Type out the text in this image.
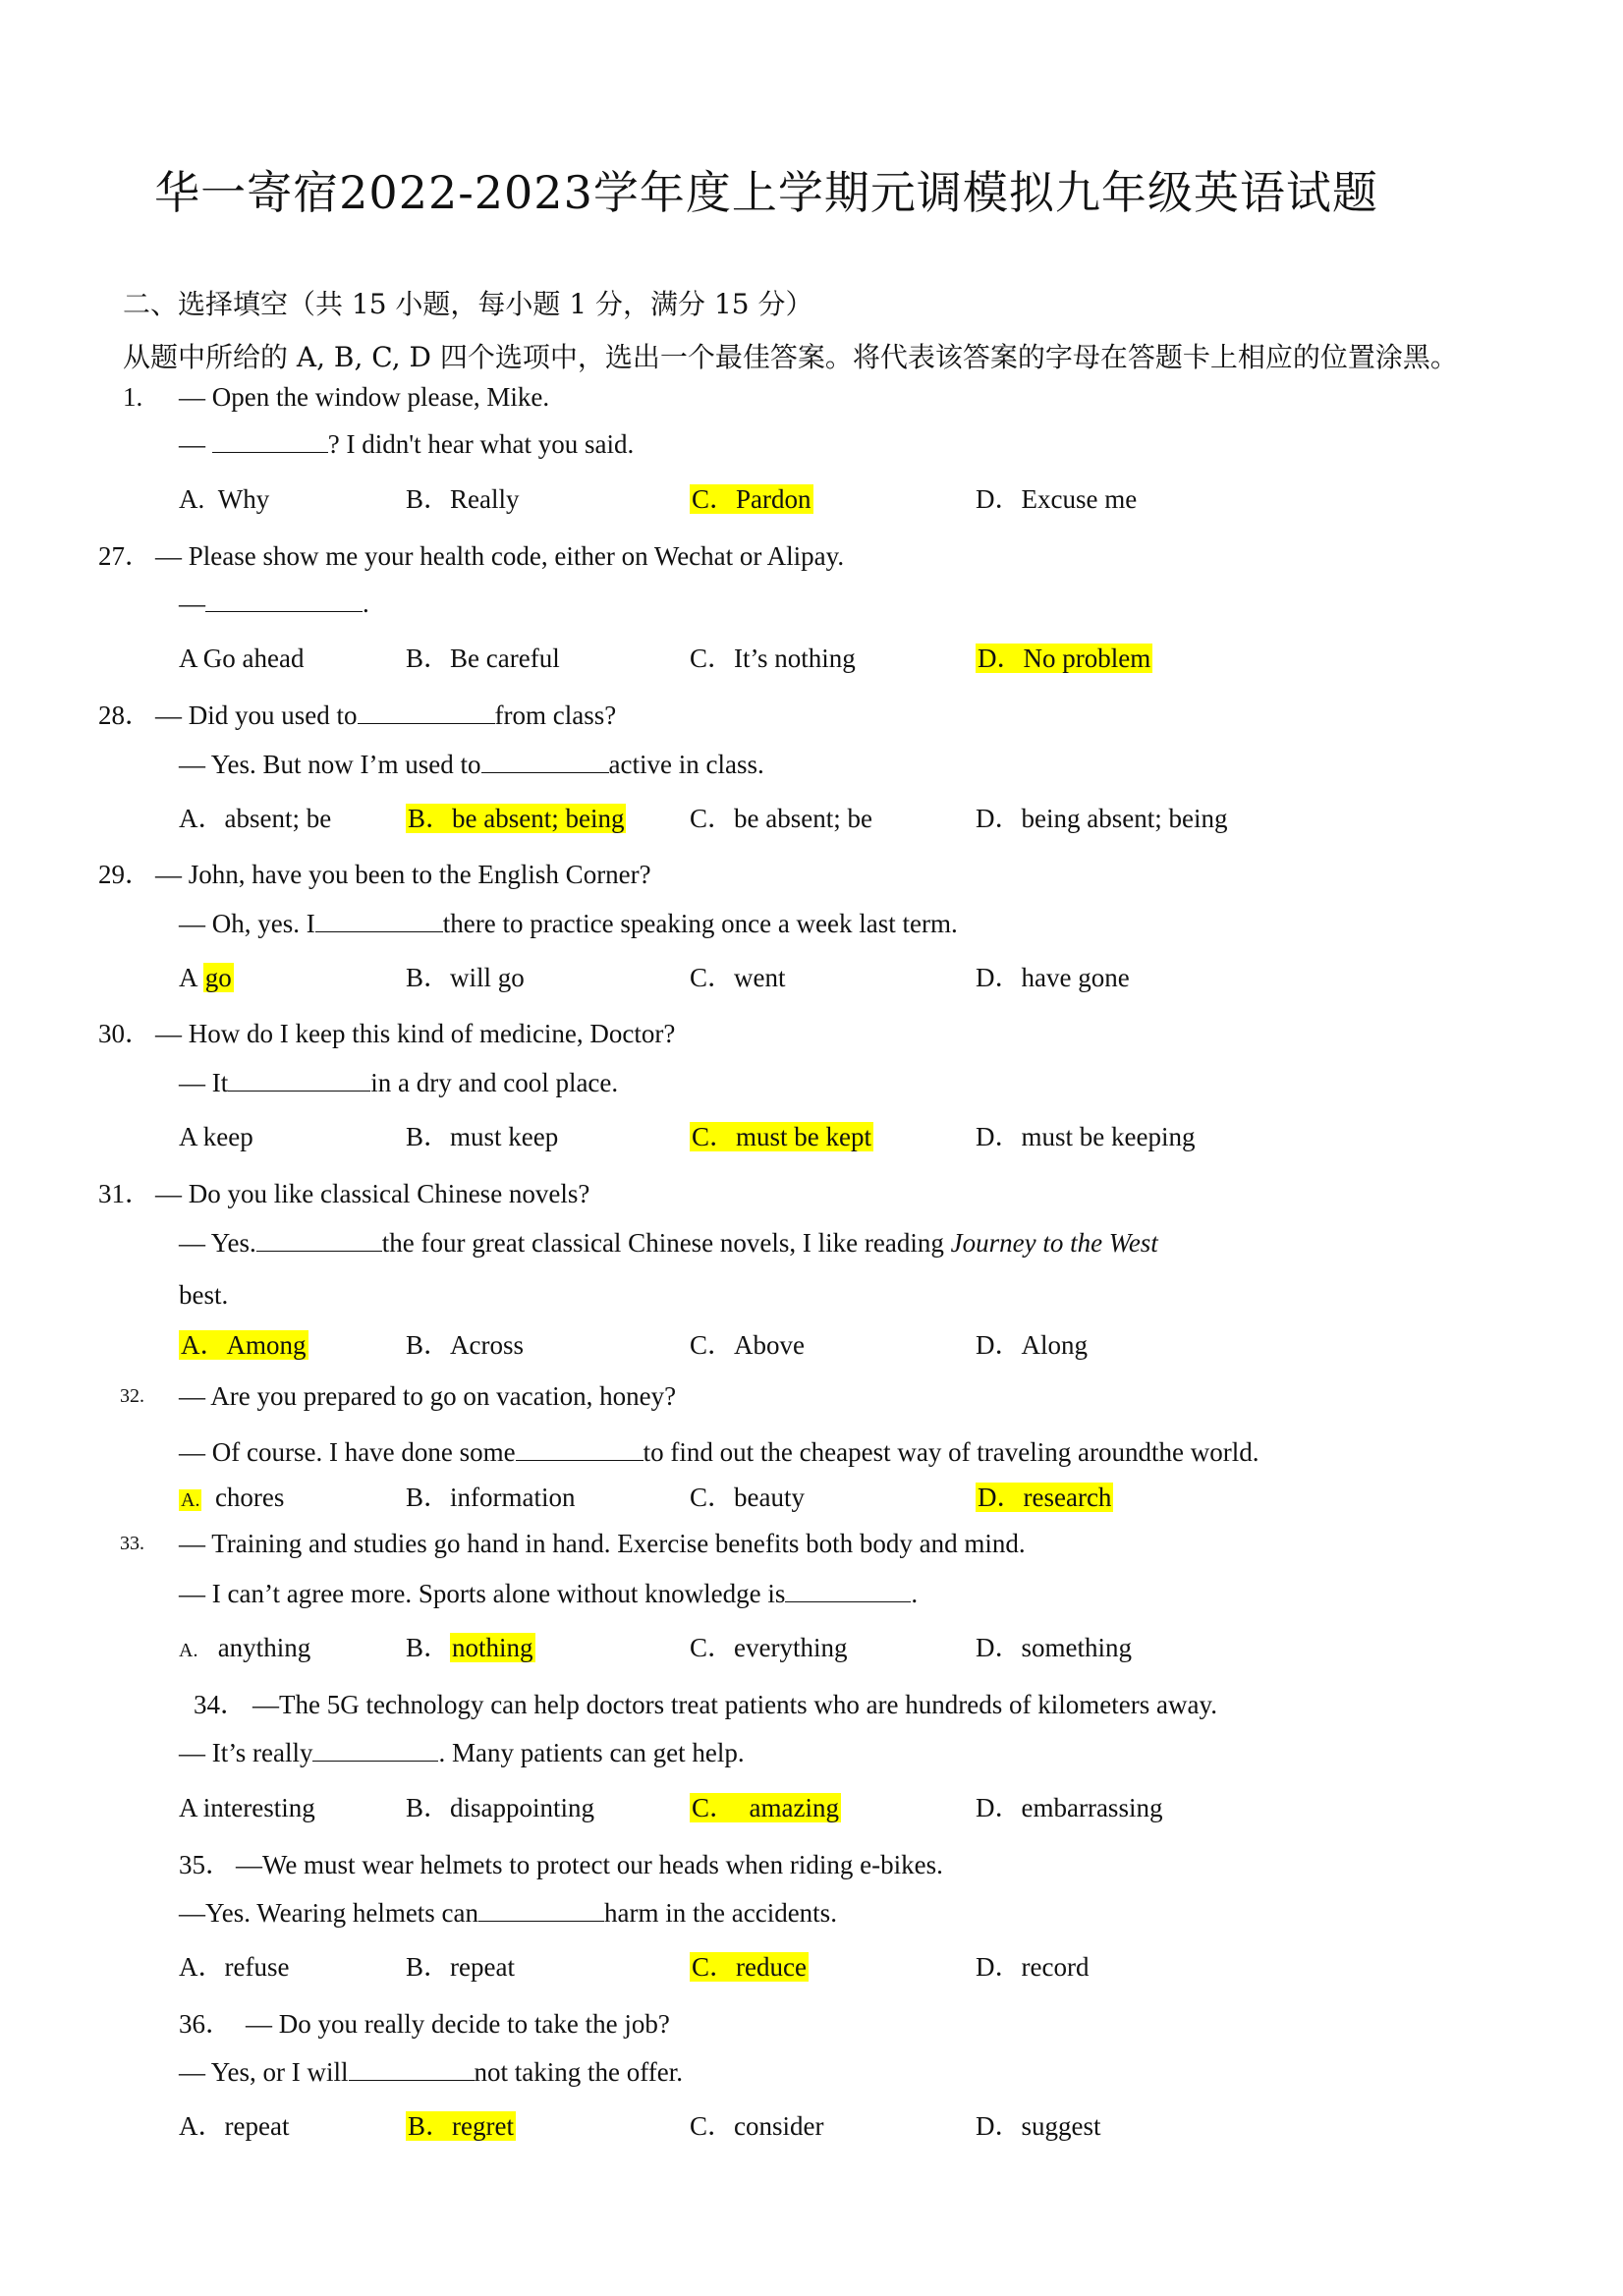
华一寄宿2022-2023学年度上学期元调模拟九年级英语试题
二、选择填空（共 15 小题，每小题 1 分，满分 15 分）
从题中所给的 A, B, C, D 四个选项中，选出一个最佳答案。将代表该答案的字母在答题卡上相应的位置涂黑。
1. — Open the window please, Mike.
—	? I didn't hear what you said.
A. Why	B．Really	C．Pardon	D．Excuse me
27． — Please show me your health code, either on Wechat or Alipay.
—	.
A Go ahead	B．Be careful	C．It’s nothing	D．No problem
28． — Did you used to	from class?
— Yes. But now I’m used to	active in class.
A．absent; be	B．be absent; being C．be absent; be	D．being absent; being
29． — John, have you been to the English Corner?
— Oh, yes. I	there to practice speaking once a week last term.
A go	B．will go	C．went	D．have gone
30． — How do I keep this kind of medicine, Doctor?
— It	in a dry and cool place.
A keep	B．must keep	C．must be kept	D．must be keeping
31． — Do you like classical Chinese novels?
— Yes.	the four great classical Chinese novels, I like reading Journey to the West
best.
A．Among	B．Across	C．Above	D．Along
32. — Are you prepared to go on vacation, honey?
— Of course. I have done some	to find out the cheapest way of traveling aroundthe world.
A. chores	B．information	C．beauty	D．research
33. — Training and studies go hand in hand. Exercise benefits both body and mind.
— I can’t agree more. Sports alone without knowledge is	.
A. anything	B．nothing	C．everything	D．something
34． —The 5G technology can help doctors treat patients who are hundreds of kilometers away.
— It’s really	. Many patients can get help.
A interesting	B．disappointing	C． amazing	D．embarrassing
35． —We must wear helmets to protect our heads when riding e-bikes.
—Yes. Wearing helmets can	harm in the accidents.
A．refuse	B．repeat	C．reduce	D．record
36． — Do you really decide to take the job?
— Yes, or I will	not taking the offer.
A．repeat	B．regret	C．consider	D．suggest
